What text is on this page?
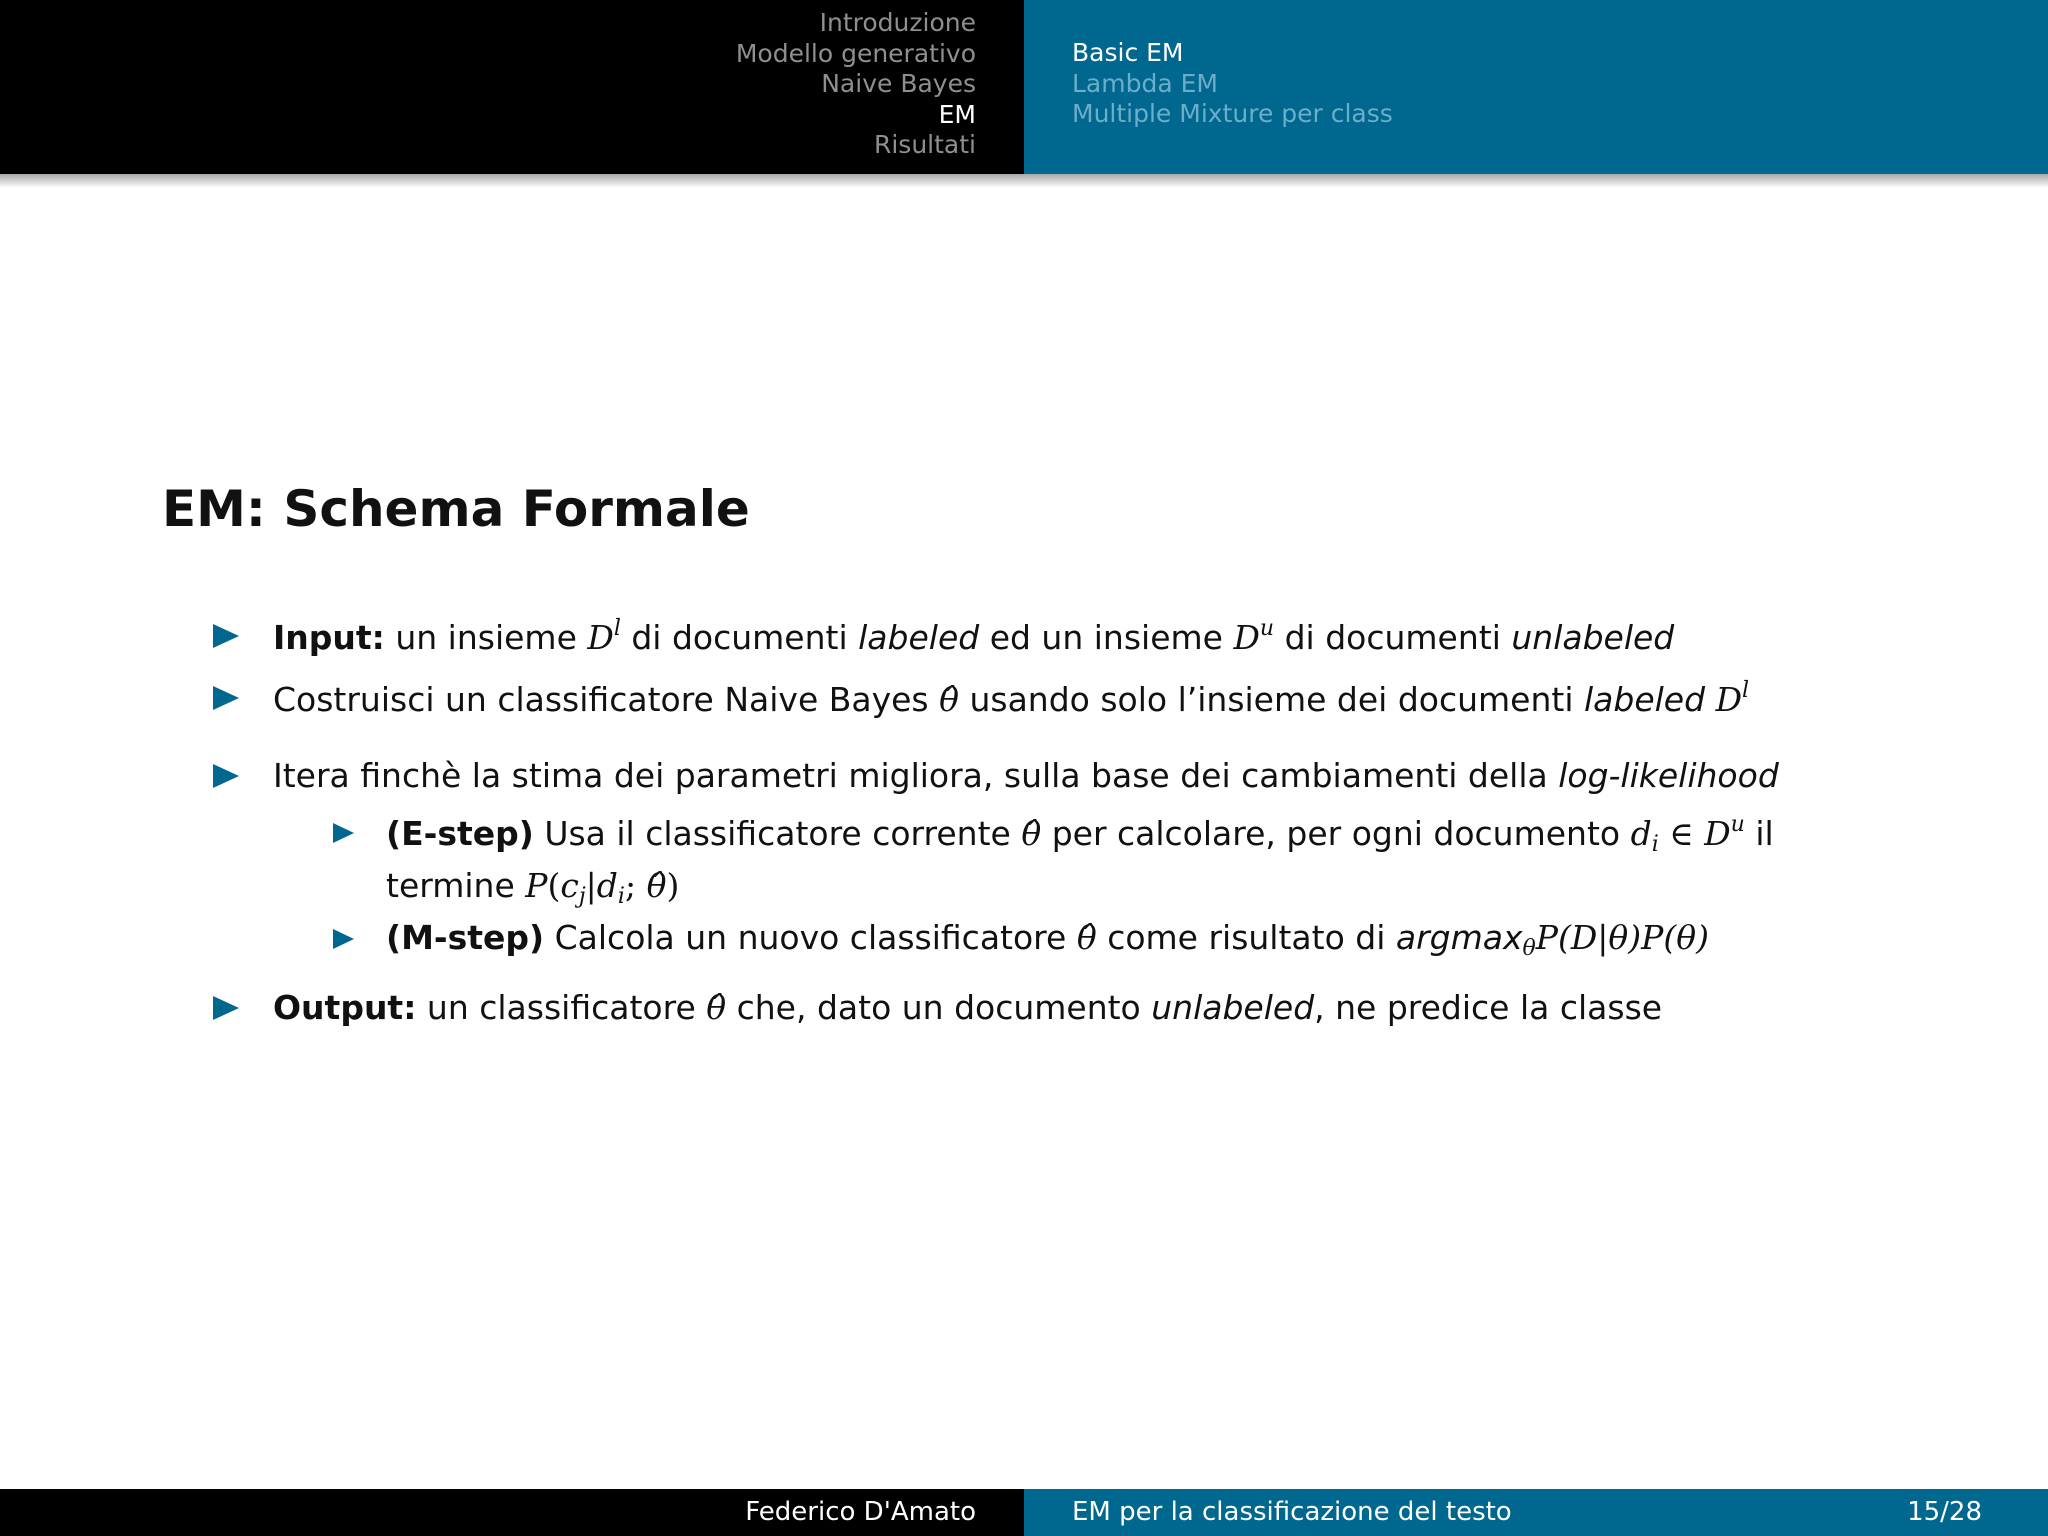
Introduzione
Modello generativo
Naive Bayes
EM
Risultati
Basic EM
Lambda EM
Multiple Mixture per class
EM: Schema Formale
Input: un insieme $D^l$ di documenti labeled ed un insieme $D^u$ di documenti unlabeled
Costruisci un classificatore Naive Bayes θ̂ usando solo l’insieme dei documenti labeled $D^l$
Itera finchè la stima dei parametri migliora, sulla base dei cambiamenti della log-likelihood
(E-step) Usa il classificatore corrente θ̂ per calcolare, per ogni documento $d_i$ ∈ $D^u$ il
termine $P(c_j|d_i$; θ̂)
(M-step) Calcola un nuovo classificatore θ̂ come risultato di argmax$_\theta$P(D|θ)P(θ)
Output: un classificatore θ̂ che, dato un documento unlabeled, ne predice la classe
Federico D'Amato	EM per la classificazione del testo	15/28
